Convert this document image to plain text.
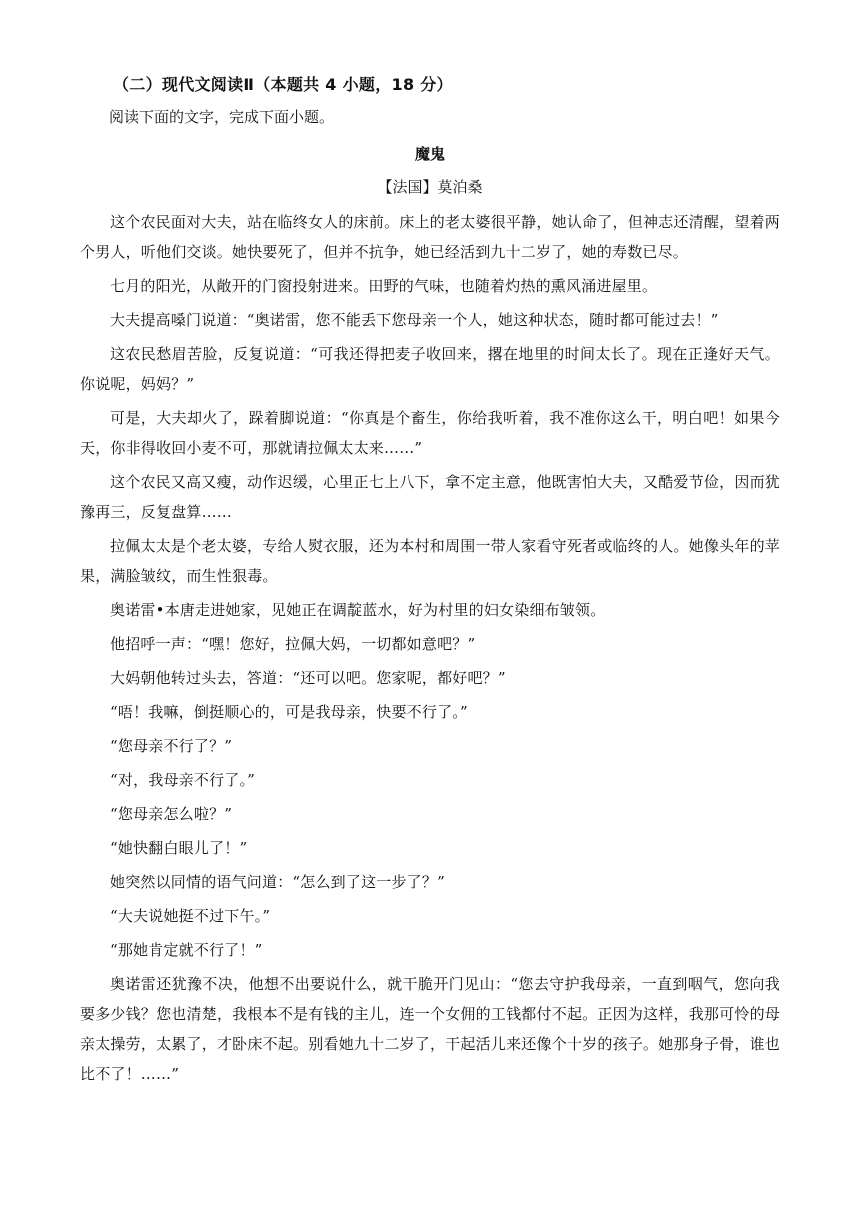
（二）现代文阅读Ⅱ（本题共 4 小题，18 分）
阅读下面的文字，完成下面小题。
魔鬼
【法国】莫泊桑

这个农民面对大夫，站在临终女人的床前。床上的老太婆很平静，她认命了，但神志还清醒，望着两个男人，听他们交谈。她快要死了，但并不抗争，她已经活到九十二岁了，她的寿数已尽。

七月的阳光，从敞开的门窗投射进来。田野的气味，也随着灼热的熏风涌进屋里。

大夫提高嗓门说道：“奥诺雷，您不能丢下您母亲一个人，她这种状态，随时都可能过去！”

这农民愁眉苦脸，反复说道：“可我还得把麦子收回来，撂在地里的时间太长了。现在正逢好天气。你说呢，妈妈？”

可是，大夫却火了，跺着脚说道：“你真是个畜生，你给我听着，我不准你这么干，明白吧！如果今天，你非得收回小麦不可，那就请拉佩太太来……”

这个农民又高又瘦，动作迟缓，心里正七上八下，拿不定主意，他既害怕大夫，又酷爱节俭，因而犹豫再三，反复盘算……

拉佩太太是个老太婆，专给人熨衣服，还为本村和周围一带人家看守死者或临终的人。她像头年的苹果，满脸皱纹，而生性狠毒。

奥诺雷•本唐走进她家，见她正在调靛蓝水，好为村里的妇女染细布皱领。

他招呼一声：“嘿！您好，拉佩大妈，一切都如意吧？”

大妈朝他转过头去，答道：“还可以吧。您家呢，都好吧？”

“唔！我嘛，倒挺顺心的，可是我母亲，快要不行了。”

“您母亲不行了？”

“对，我母亲不行了。”

“您母亲怎么啦？”

“她快翻白眼儿了！”

她突然以同情的语气问道：“怎么到了这一步了？”

“大夫说她挺不过下午。”

“那她肯定就不行了！”

奥诺雷还犹豫不决，他想不出要说什么，就干脆开门见山：“您去守护我母亲，一直到咽气，您向我要多少钱？您也清楚，我根本不是有钱的主儿，连一个女佣的工钱都付不起。正因为这样，我那可怜的母亲太操劳，太累了，才卧床不起。别看她九十二岁了，干起活儿来还像个十岁的孩子。她那身子骨，谁也比不了！……”
